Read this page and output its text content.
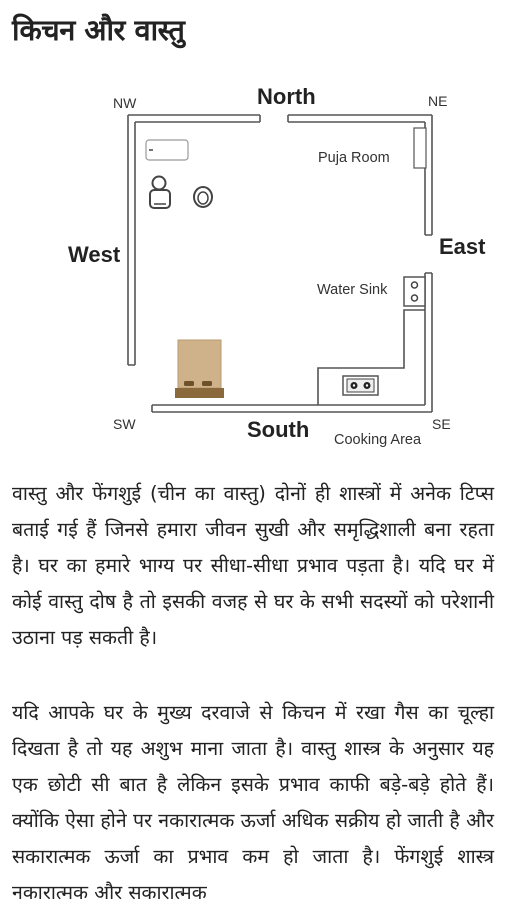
किचन और वास्तु
North
South
East
West
NW	NE
SW	SE
Puja Room
Water Sink
Cooking Area

वास्तु और फेंगशुई (चीन का वास्तु) दोनों ही शास्त्रों में अनेक टिप्स बताई गई हैं जिनसे हमारा जीवन सुखी और समृद्धिशाली बना रहता है। घर का हमारे भाग्य पर सीधा-सीधा प्रभाव पड़ता है। यदि घर में कोई वास्तु दोष है तो इसकी वजह से घर के सभी सदस्यों को परेशानी उठाना पड़ सकती है।

यदि आपके घर के मुख्य दरवाजे से किचन में रखा गैस का चूल्हा दिखता है तो यह अशुभ माना जाता है। वास्तु शास्त्र के अनुसार यह एक छोटी सी बात है लेकिन इसके प्रभाव काफी बड़े-बड़े होते हैं। क्योंकि ऐसा होने पर नकारात्मक ऊर्जा अधिक सक्रीय हो जाती है और सकारात्मक ऊर्जा का प्रभाव कम हो जाता है। फेंगशुई शास्त्र नकारात्मक और सकारात्मक
